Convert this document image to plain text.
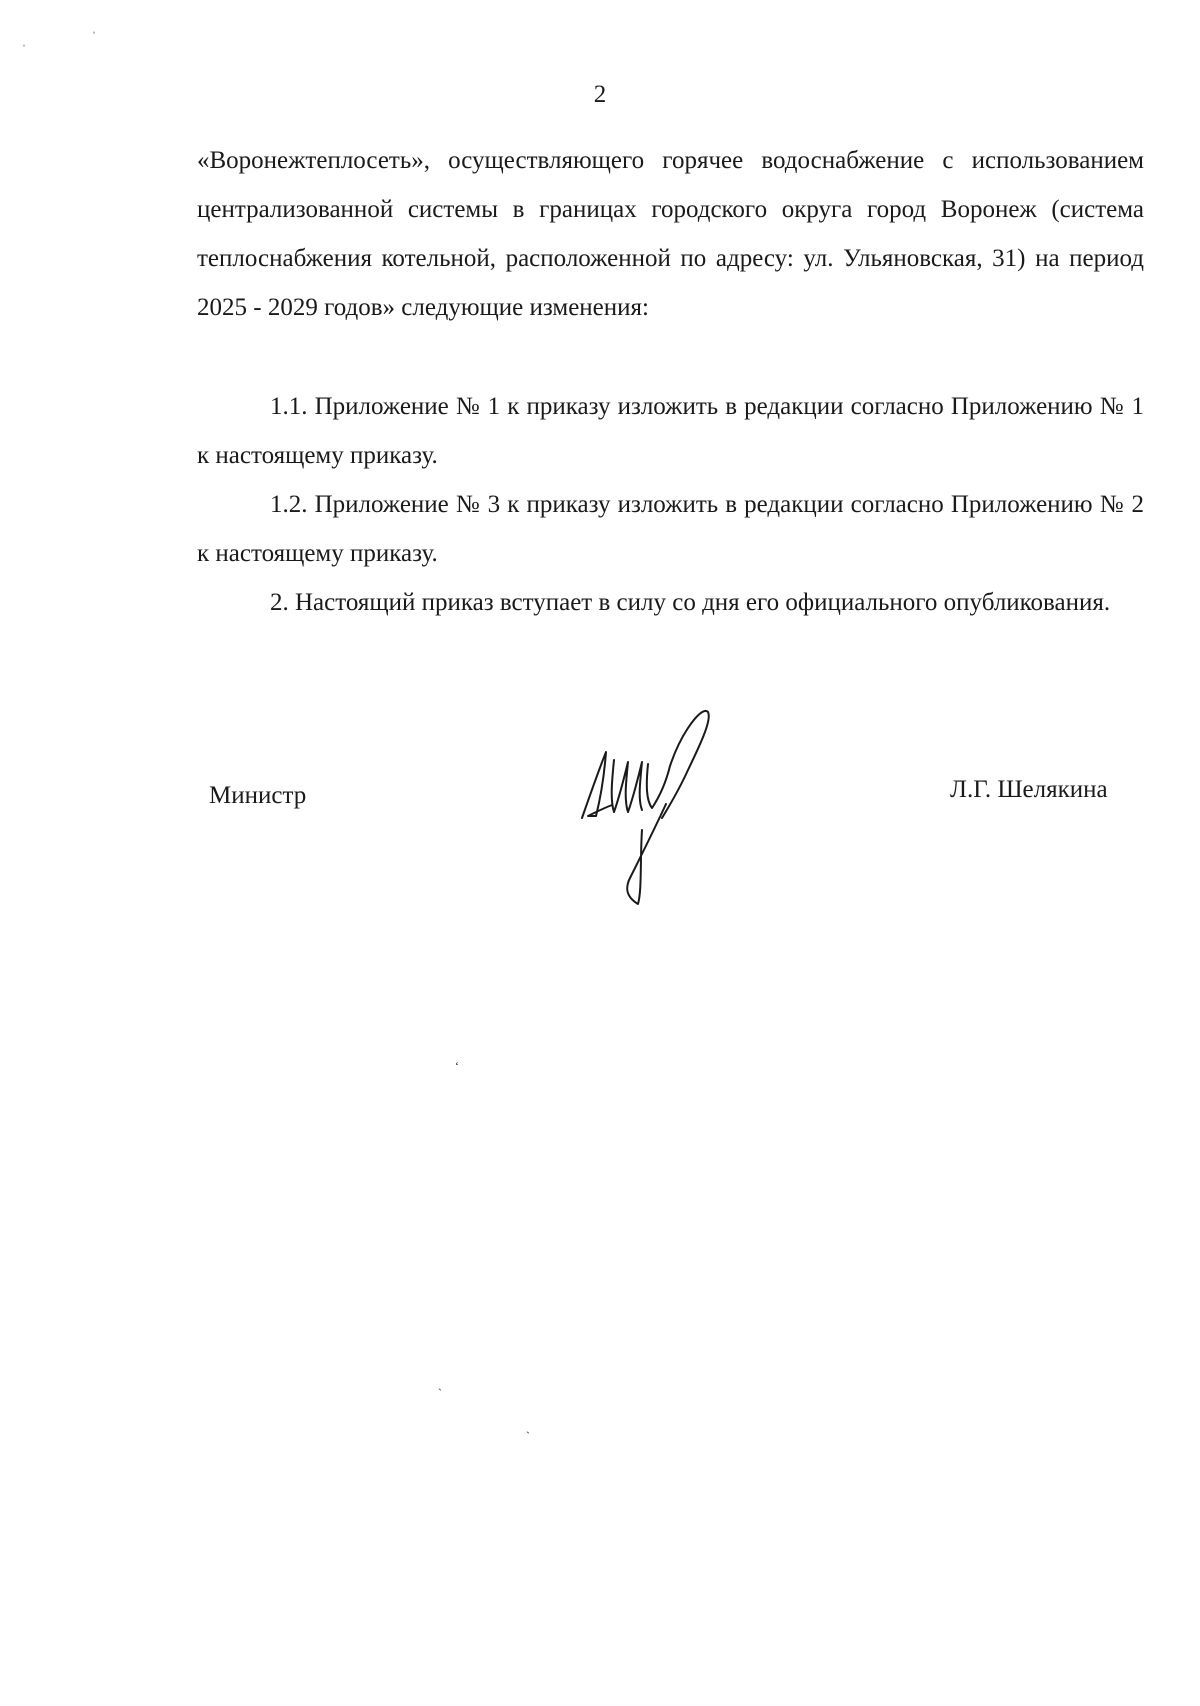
2

«Воронежтеплосеть», осуществляющего горячее водоснабжение с использованием централизованной системы в границах городского округа город Воронеж (система теплоснабжения котельной, расположенной по адресу: ул. Ульяновская, 31) на период 2025 - 2029 годов» следующие изменения:

1.1. Приложение № 1 к приказу изложить в редакции согласно Приложению № 1 к настоящему приказу.

1.2. Приложение № 3 к приказу изложить в редакции согласно Приложению № 2 к настоящему приказу.

2. Настоящий приказ вступает в силу со дня его официального опубликования.

Министр	Л.Г. Шелякина
ˌ	ˈ
ʻ
ˎ
ˋ
